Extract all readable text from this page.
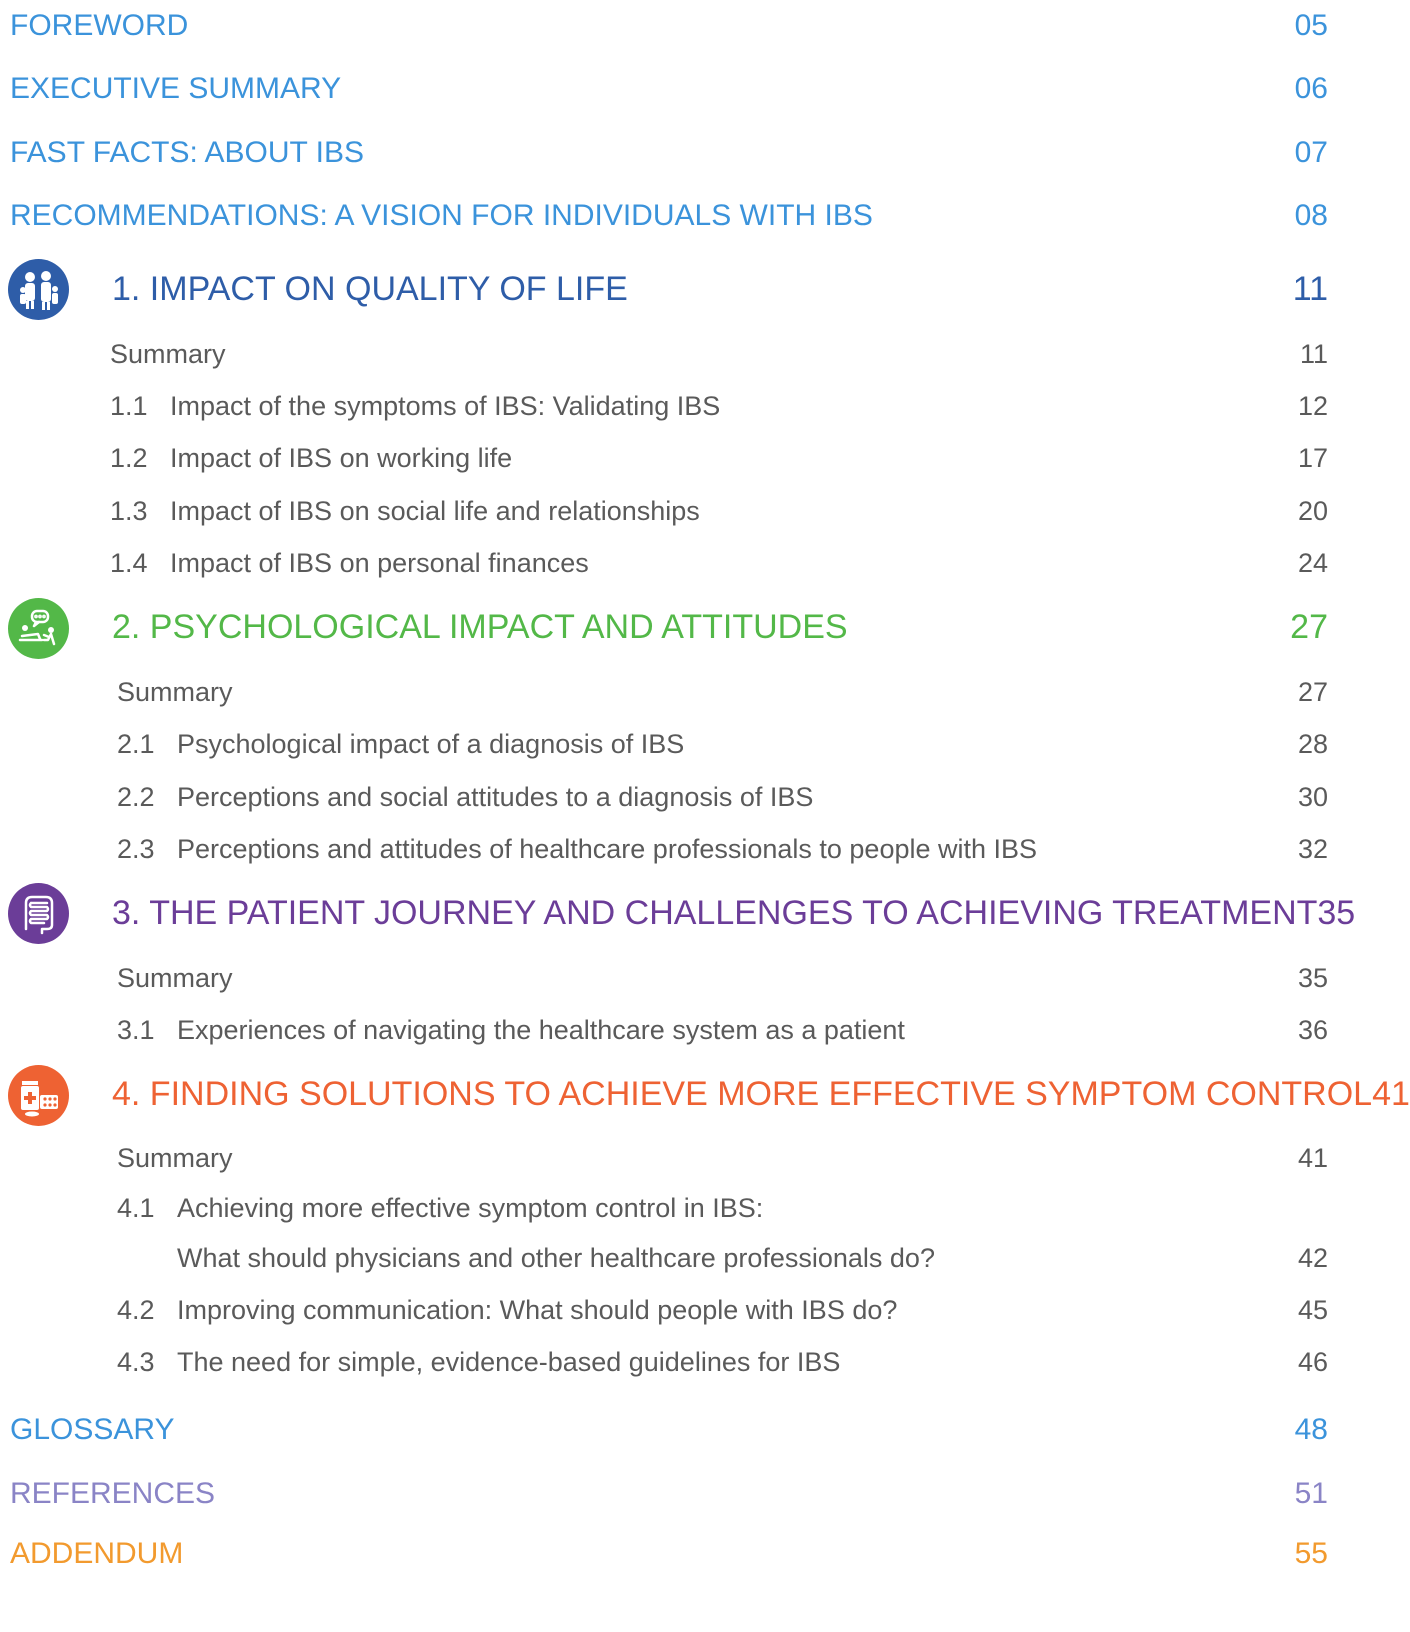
FOREWORD	05
EXECUTIVE SUMMARY	06
FAST FACTS: ABOUT IBS	07
RECOMMENDATIONS: A VISION FOR INDIVIDUALS WITH IBS	08
1. IMPACT ON QUALITY OF LIFE	11
Summary	11
1.1 Impact of the symptoms of IBS: Validating IBS	12
1.2 Impact of IBS on working life	17
1.3 Impact of IBS on social life and relationships	20
1.4 Impact of IBS on personal finances	24
2. PSYCHOLOGICAL IMPACT AND ATTITUDES	27
Summary	27
2.1 Psychological impact of a diagnosis of IBS	28
2.2 Perceptions and social attitudes to a diagnosis of IBS	30
2.3 Perceptions and attitudes of healthcare professionals to people with IBS	32
3. THE PATIENT JOURNEY AND CHALLENGES TO ACHIEVING TREATMENT 35
Summary	35
3.1 Experiences of navigating the healthcare system as a patient	36
4. FINDING SOLUTIONS TO ACHIEVE MORE EFFECTIVE SYMPTOM CONTROL 41
Summary	41
4.1 Achieving more effective symptom control in IBS:
What should physicians and other healthcare professionals do?	42
4.2 Improving communication: What should people with IBS do?	45
4.3 The need for simple, evidence-based guidelines for IBS	46
GLOSSARY	48
REFERENCES	51
ADDENDUM	55
